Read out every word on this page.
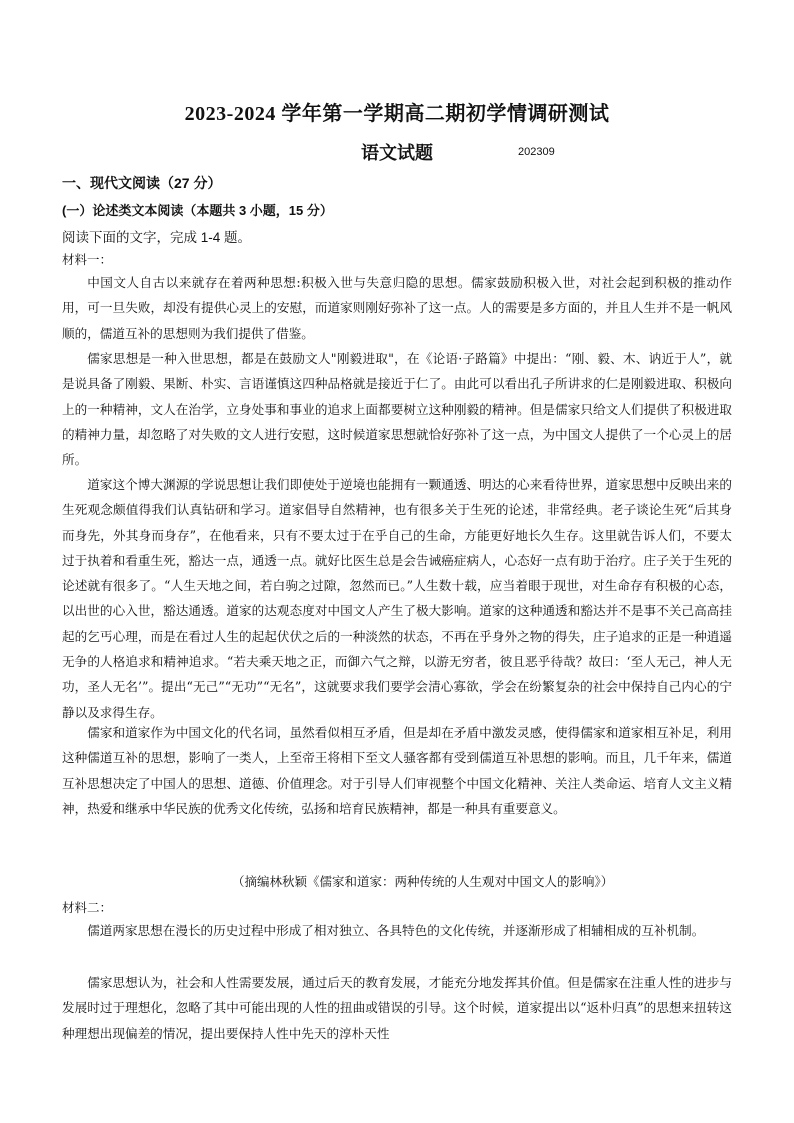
2023-2024 学年第一学期高二期初学情调研测试
语文试题	202309
一、现代文阅读（27 分）
(一）论述类文本阅读（本题共 3 小题，15 分）
阅读下面的文字，完成 1-4 题。
材料一：

中国文人自古以来就存在着两种思想:积极入世与失意归隐的思想。儒家鼓励积极入世，对社会起到积极的推动作用，可一旦失败，却没有提供心灵上的安慰，而道家则刚好弥补了这一点。人的需要是多方面的，并且人生并不是一帆风顺的，儒道互补的思想则为我们提供了借鉴。

儒家思想是一种入世思想，都是在鼓励文人"刚毅进取"，在《论语·子路篇》中提出：“刚、毅、木、讷近于人”，就是说具备了刚毅、果断、朴实、言语谨慎这四种品格就是接近于仁了。由此可以看出孔子所讲求的仁是刚毅进取、积极向上的一种精神，文人在治学，立身处事和事业的追求上面都要树立这种刚毅的精神。但是儒家只给文人们提供了积极进取的精神力量，却忽略了对失败的文人进行安慰，这时候道家思想就恰好弥补了这一点，为中国文人提供了一个心灵上的居所。

道家这个博大渊源的学说思想让我们即使处于逆境也能拥有一颗通透、明达的心来看待世界，道家思想中反映出来的生死观念颇值得我们认真钻研和学习。道家倡导自然精神，也有很多关于生死的论述，非常经典。老子谈论生死“后其身而身先，外其身而身存”，在他看来，只有不要太过于在乎自己的生命，方能更好地长久生存。这里就告诉人们，不要太过于执着和看重生死，豁达一点，通透一点。就好比医生总是会告诫癌症病人，心态好一点有助于治疗。庄子关于生死的论述就有很多了。“人生天地之间，若白驹之过隙，忽然而已。”人生数十载，应当着眼于现世，对生命存有积极的心态，以出世的心入世，豁达通透。道家的达观态度对中国文人产生了极大影响。道家的这种通透和豁达并不是事不关己高高挂起的乞丐心理，而是在看过人生的起起伏伏之后的一种淡然的状态，不再在乎身外之物的得失，庄子追求的正是一种逍遥无争的人格追求和精神追求。“若夫乘天地之正，而御六气之辩，以游无穷者，彼且恶乎待哉？故曰：‘至人无己，神人无功，圣人无名’”。提出“无己”“无功”“无名”，这就要求我们要学会清心寡欲，学会在纷繁复杂的社会中保持自己内心的宁静以及求得生存。

儒家和道家作为中国文化的代名词，虽然看似相互矛盾，但是却在矛盾中激发灵感，使得儒家和道家相互补足，利用这种儒道互补的思想，影响了一类人，上至帝王将相下至文人骚客都有受到儒道互补思想的影响。而且，几千年来，儒道互补思想决定了中国人的思想、道德、价值理念。对于引导人们审视整个中国文化精神、关注人类命运、培育人文主义精神，热爱和继承中华民族的优秀文化传统，弘扬和培育民族精神，都是一种具有重要意义。

（摘编林秋颖《儒家和道家：两种传统的人生观对中国文人的影响》）
材料二：

儒道两家思想在漫长的历史过程中形成了相对独立、各具特色的文化传统，并逐渐形成了相辅相成的互补机制。

儒家思想认为，社会和人性需要发展，通过后天的教育发展，才能充分地发挥其价值。但是儒家在注重人性的进步与发展时过于理想化，忽略了其中可能出现的人性的扭曲或错误的引导。这个时候，道家提出以“返朴归真”的思想来扭转这种理想出现偏差的情况，提出要保持人性中先天的淳朴天性
